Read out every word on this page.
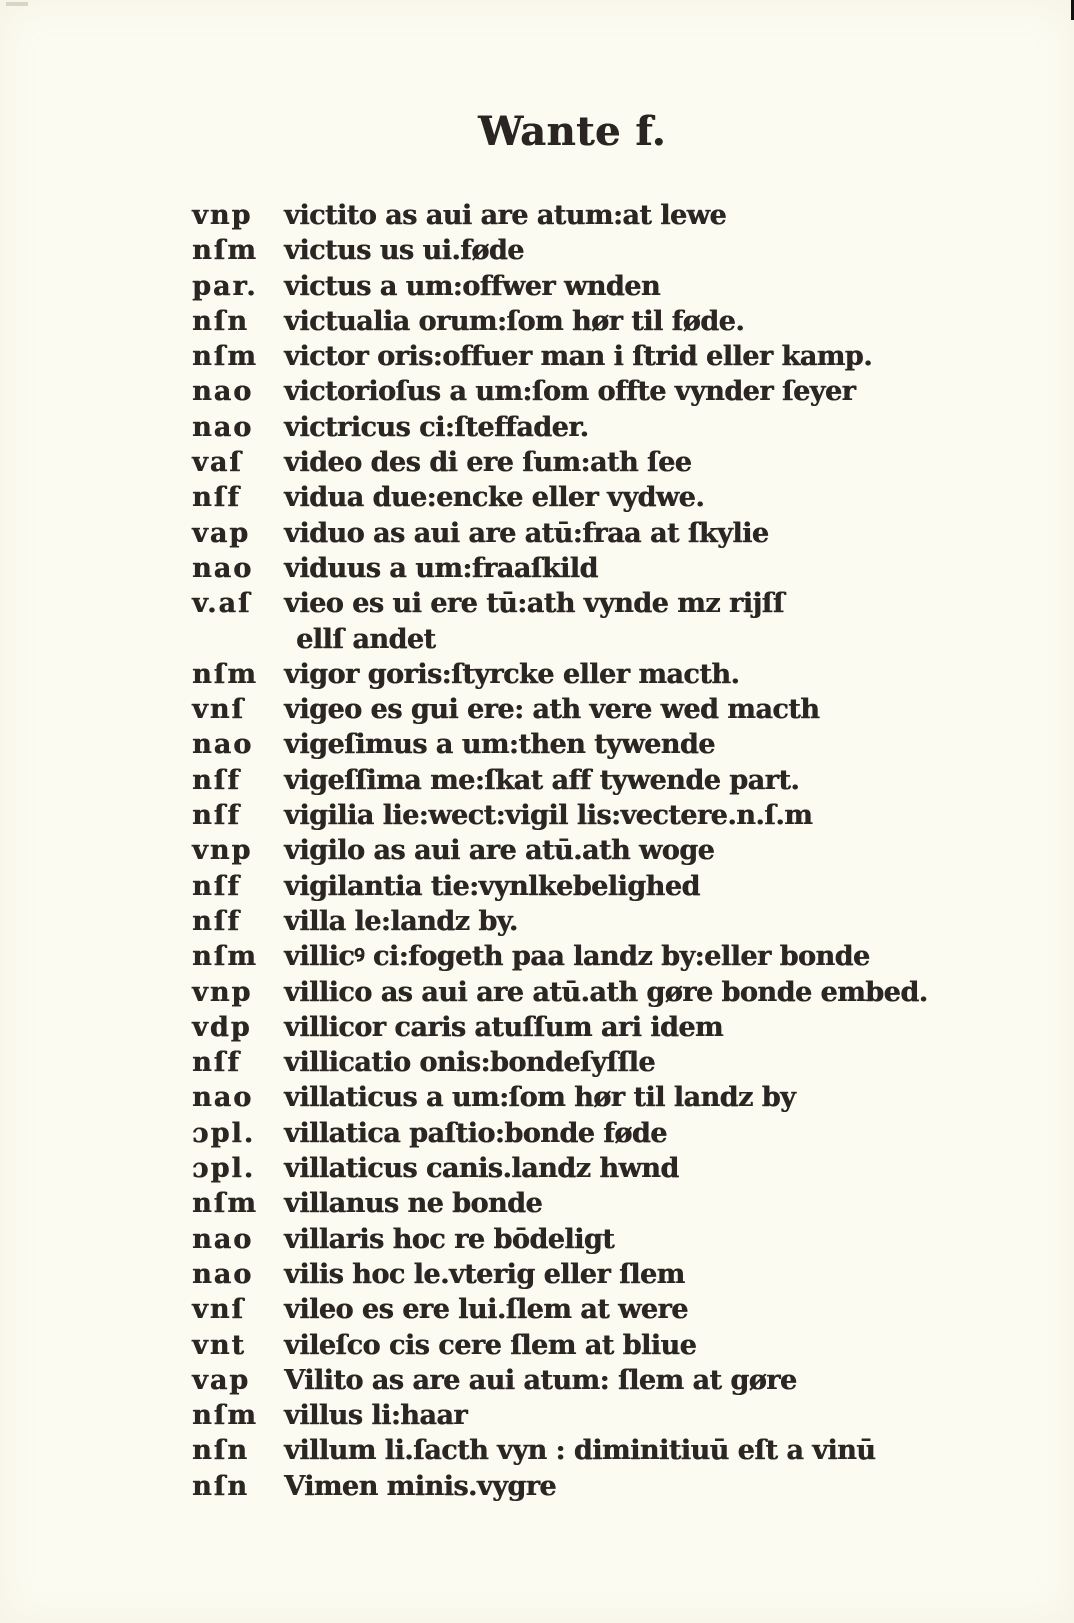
Wante f.
vnp victito as aui are atum:at lewe
nſm victus us ui.føde
par. victus a um:offwer wnden
nſn victualia orum:ſom hør til føde.
nſm victor oris:offuer man i ſtrid eller kamp.
nao victorioſus a um:ſom offte vynder ſeyer
nao victricus ci:ſteffader.
vaſ video des di ere ſum:ath ſee
nſf vidua due:encke eller vydwe.
vap viduo as aui are atū:fraa at ſkylie
nao viduus a um:fraaſkild
v.aſ vieo es ui ere tū:ath vynde mz rijſſ
ellſ andet
nſm vigor goris:ſtyrcke eller macth.
vnſ vigeo es gui ere: ath vere wed macth
nao vigeſimus a um:then tywende
nſf vigeſſima me:ſkat aff tywende part.
nſf vigilia lie:wect:vigil lis:vectere.n.ſ.m
vnp vigilo as aui are atū.ath woge
nſf vigilantia tie:vynlkebelighed
nſf villa le:landz by.
nſm villicꝰ ci:fogeth paa landz by:eller bonde
vnp villico as aui are atū.ath gøre bonde embed.
vdp villicor caris atuſſum ari idem
nſf villicatio onis:bondeſyſſle
nao villaticus a um:ſom hør til landz by
ɔpl. villatica paſtio:bonde føde
ɔpl. villaticus canis.landz hwnd
nſm villanus ne bonde
nao villaris hoc re bōdeligt
nao vilis hoc le.vterig eller ſlem
vnſ vileo es ere lui.ſlem at were
vnt vileſco cis cere ſlem at bliue
vap Vilito as are aui atum: ſlem at gøre
nſm villus li:haar
nſn villum li.ſacth vyn : diminitiuū eſt a vinū
nſn Vimen minis.vygre
